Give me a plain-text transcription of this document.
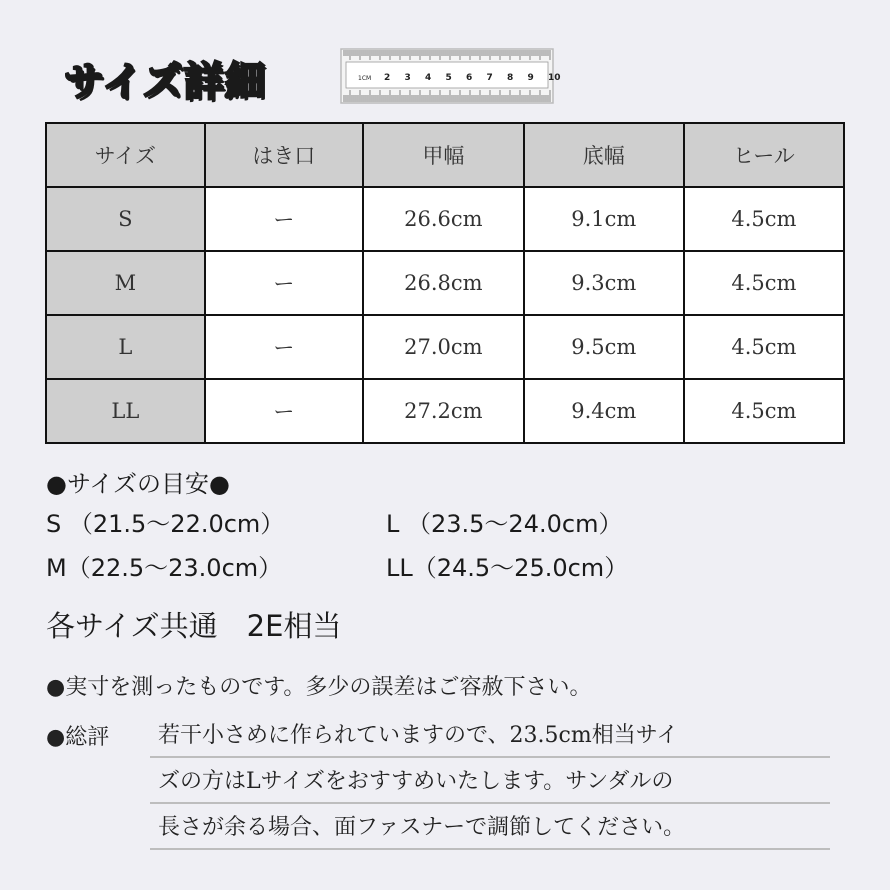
サイズ詳細	1CM 2 3 4 5 6 7 8 9 10
サイズ	はき口	甲幅	底幅	ヒール
S	ー	26.6cm	9.1cm	4.5cm
M	ー	26.8cm	9.3cm	4.5cm
L	ー	27.0cm	9.5cm	4.5cm
LL	ー	27.2cm	9.4cm	4.5cm
●サイズの目安●
S （21.5～22.0cm）	L （23.5～24.0cm）
M（22.5～23.0cm）	LL（24.5～25.0cm）
各サイズ共通　2E相当
●実寸を測ったものです。多少の誤差はご容赦下さい。
●総評	若干小さめに作られていますので、23.5cm相当サイ
ズの方はLサイズをおすすめいたします。サンダルの
長さが余る場合、面ファスナーで調節してください。
